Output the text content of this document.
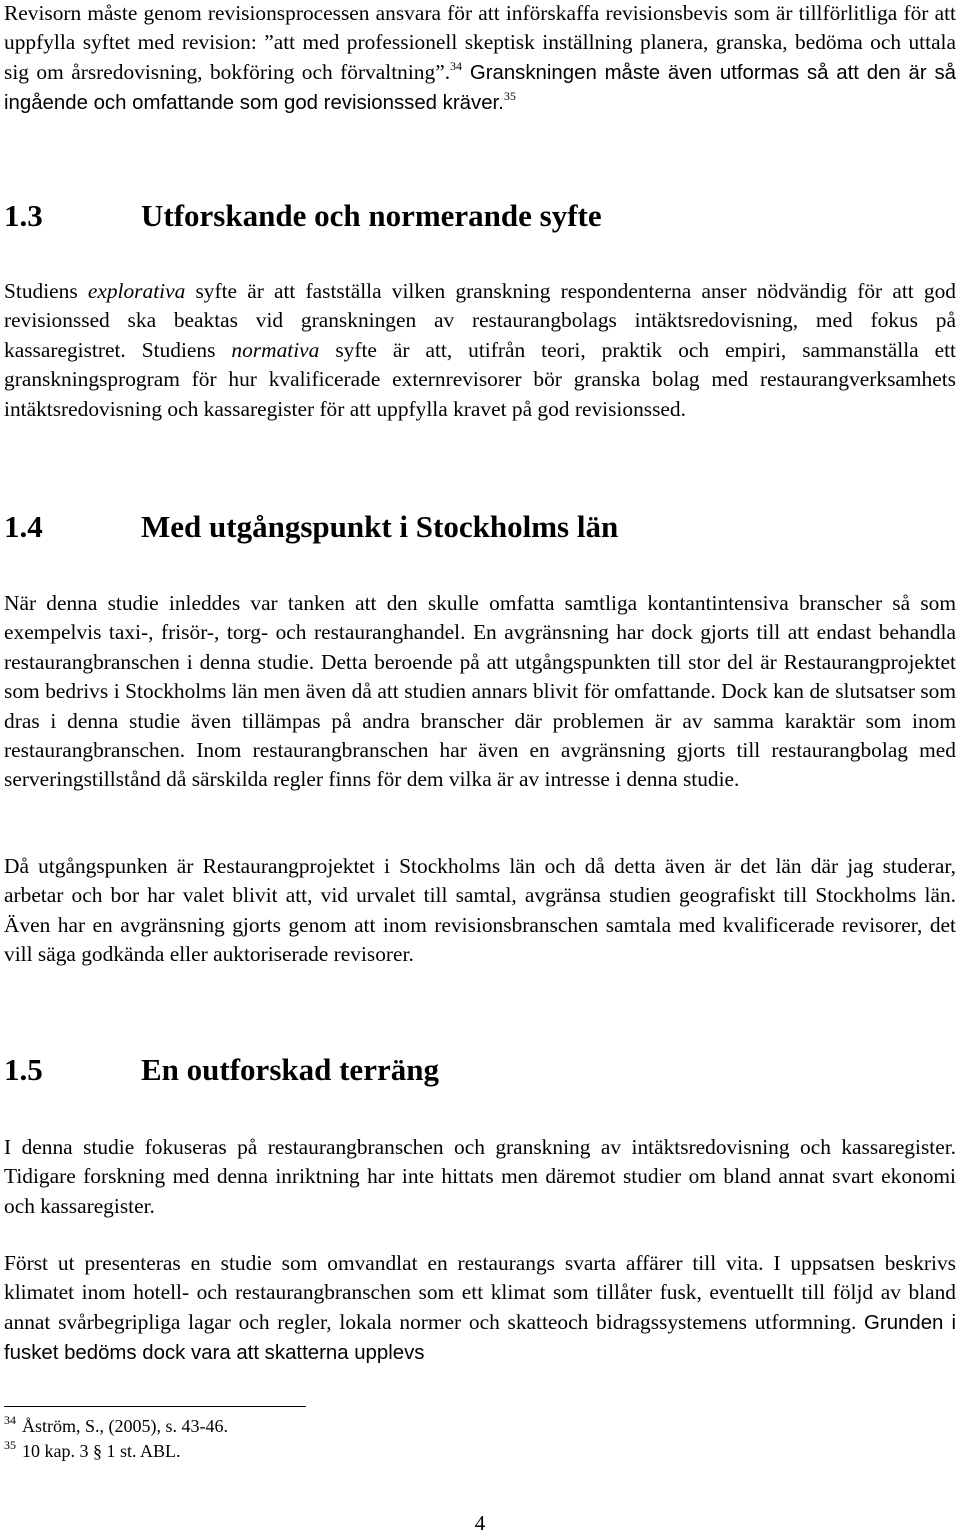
Revisorn måste genom revisionsprocessen ansvara för att införskaffa revisionsbevis som är tillförlitliga för att uppfylla syftet med revision: ”att med professionell skeptisk inställning planera, granska, bedöma och uttala sig om årsredovisning, bokföring och förvaltning”.$^{34}$ Granskningen måste även utformas så att den är så ingående och omfattande som god revisionssed kräver.$^{35}$

1.3	Utforskande och normerande syfte

Studiens explorativa syfte är att fastställa vilken granskning respondenterna anser nödvändig för att god revisionssed ska beaktas vid granskningen av restaurangbolags intäktsredovisning, med fokus på kassaregistret. Studiens normativa syfte är att, utifrån teori, praktik och empiri, sammanställa ett granskningsprogram för hur kvalificerade externrevisorer bör granska bolag med restaurangverksamhets intäktsredovisning och kassaregister för att uppfylla kravet på god revisionssed.

1.4	Med utgångspunkt i Stockholms län

När denna studie inleddes var tanken att den skulle omfatta samtliga kontantintensiva branscher så som exempelvis taxi-, frisör-, torg- och restauranghandel. En avgränsning har dock gjorts till att endast behandla restaurangbranschen i denna studie. Detta beroende på att utgångspunkten till stor del är Restaurangprojektet som bedrivs i Stockholms län men även då att studien annars blivit för omfattande. Dock kan de slutsatser som dras i denna studie även tillämpas på andra branscher där problemen är av samma karaktär som inom restaurangbranschen. Inom restaurangbranschen har även en avgränsning gjorts till restaurangbolag med serveringstillstånd då särskilda regler finns för dem vilka är av intresse i denna studie.

Då utgångspunken är Restaurangprojektet i Stockholms län och då detta även är det län där jag studerar, arbetar och bor har valet blivit att, vid urvalet till samtal, avgränsa studien geografiskt till Stockholms län. Även har en avgränsning gjorts genom att inom revisionsbranschen samtala med kvalificerade revisorer, det vill säga godkända eller auktoriserade revisorer.

1.5	En outforskad terräng

I denna studie fokuseras på restaurangbranschen och granskning av intäktsredovisning och kassaregister. Tidigare forskning med denna inriktning har inte hittats men däremot studier om bland annat svart ekonomi och kassaregister.

Först ut presenteras en studie som omvandlat en restaurangs svarta affärer till vita. I uppsatsen beskrivs klimatet inom hotell- och restaurangbranschen som ett klimat som tillåter fusk, eventuellt till följd av bland annat svårbegripliga lagar och regler, lokala normer och skatteoch bidragssystemens utformning. Grunden i fusket bedöms dock vara att skatterna upplevs

$^{34}$ Åström, S., (2005), s. 43-46.
$^{35}$ 10 kap. 3 § 1 st. ABL.
4
